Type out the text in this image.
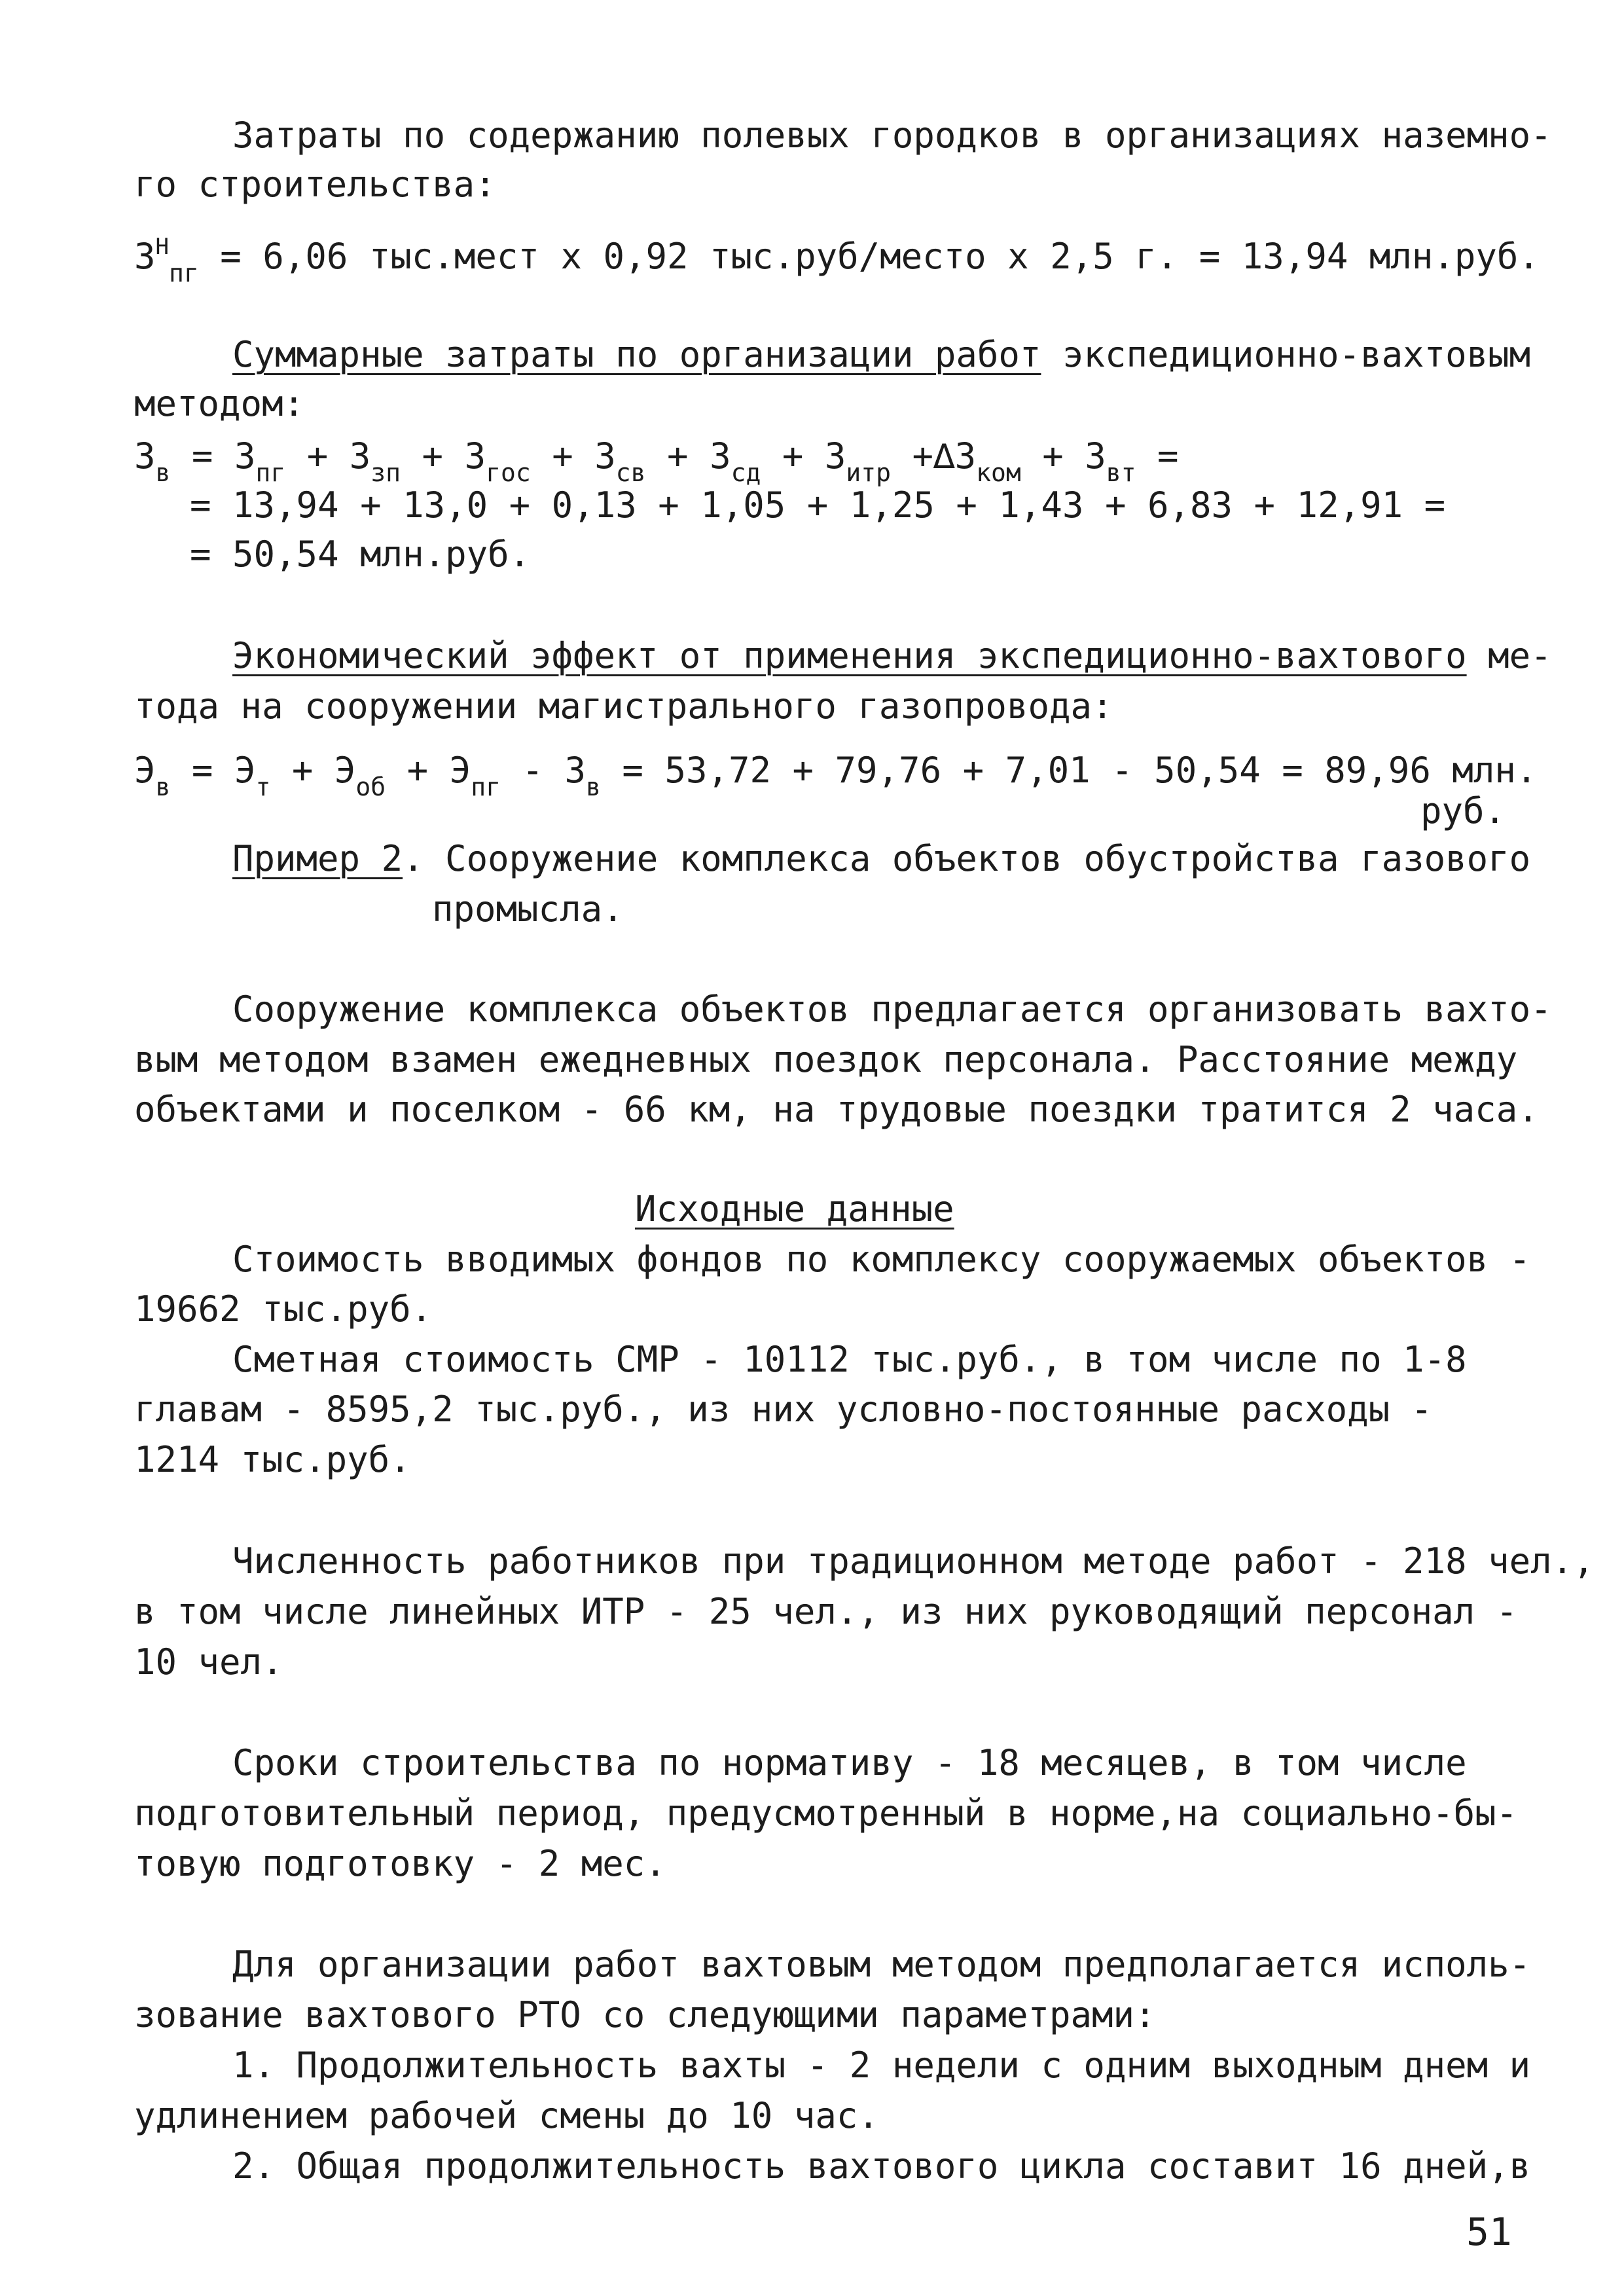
Затраты по содержанию полевых городков в организациях наземно-
го строительства:
$З^Н_{пг} = 6,06$ тыс.мест х 0,92 тыс.руб/место х 2,5 г. = 13,94 млн.руб.
Суммарные затраты по организации работ экспедиционно-вахтовым
методом:
$З_в = З_{пг} + З_{зп} + З_{гос} + З_{св} + З_{сд} + З_{итр} +\Delta З_{ком} + З_{вт}$ =
= 13,94 + 13,0 + 0,13 + 1,05 + 1,25 + 1,43 + 6,83 + 12,91 =
= 50,54 млн.руб.
Экономический эффект от применения экспедиционно-вахтового ме-
тода на сооружении магистрального газопровода:
$Э_в = Э_т + Э_{об} + Э_{пг} - З_в = 53,72 + 79,76 + 7,01 - 50,54 = 89,96$ млн.
руб.
Пример 2. Сооружение комплекса объектов обустройства газового
промысла.
Сооружение комплекса объектов предлагается организовать вахто-
вым методом взамен ежедневных поездок персонала. Расстояние между
объектами и поселком - 66 км, на трудовые поездки тратится 2 часа.
Исходные данные
Стоимость вводимых фондов по комплексу сооружаемых объектов -
19662 тыс.руб.
Сметная стоимость СМР - 10112 тыс.руб., в том числе по 1-8
главам - 8595,2 тыс.руб., из них условно-постоянные расходы -
1214 тыс.руб.
Численность работников при традиционном методе работ - 218 чел.,
в том числе линейных ИТР - 25 чел., из них руководящий персонал -
10 чел.
Сроки строительства по нормативу - 18 месяцев, в том числе
подготовительный период, предусмотренный в норме,на социально-бы-
товую подготовку - 2 мес.
Для организации работ вахтовым методом предполагается исполь-
зование вахтового РТО со следующими параметрами:
1. Продолжительность вахты - 2 недели с одним выходным днем и
удлинением рабочей смены до 10 час.
2. Общая продолжительность вахтового цикла составит 16 дней,в
51
